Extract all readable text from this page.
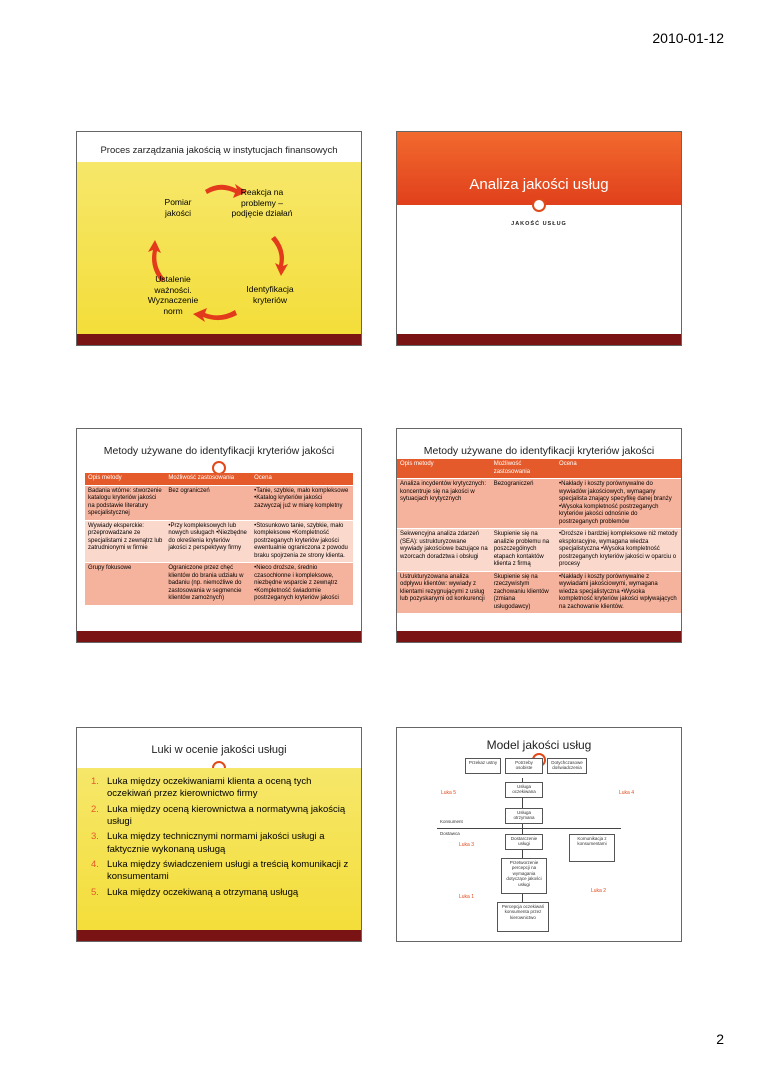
2010-01-12
Proces zarządzania jakością w instytucjach finansowych
Reakcja na problemy – podjęcie działań
Identyfikacja kryteriów
Ustalenie ważności. Wyznaczenie norm
Pomiar jakości
Analiza jakości usług
JAKOŚĆ USŁUG
Metody używane do identyfikacji kryteriów jakości
Opis metody	Możliwość zastosowania	Ocena
Badania wtórne: stworzenie katalogu kryteriów jakości na podstawie literatury specjalistycznej	Bez ograniczeń	•Tanie, szybkie, mało kompleksowe •Katalog kryteriów jakości zazwyczaj już w miarę kompletny
Wywiady eksperckie: przeprowadzane ze specjalistami z zewnątrz lub zatrudnionymi w firmie	•Przy kompleksowych lub nowych usługach •Niezbędne do określenia kryteriów jakości z perspektywy firmy	•Stosunkowo tanie, szybkie, mało kompleksowe •Kompletność postrzeganych kryteriów jakości ewentualnie ograniczona z powodu braku spojrzenia ze strony klienta.
Grupy fokusowe	Ograniczone przez chęć klientów do brania udziału w badaniu (np. niemożliwe do zastosowania w segmencie klientów zamożnych)	•Nieco droższe, średnio czasochłonne i kompleksowe, niezbędne wsparcie z zewnątrz •Kompletność świadomie postrzeganych kryteriów jakości
Metody używane do identyfikacji kryteriów jakości
Opis metody	Możliwość zastosowania	Ocena
Analiza incydentów krytycznych: koncentruje się na jakości w sytuacjach krytycznych	Bezograniczeń	•Nakłady i koszty porównywalne do wywiadów jakościowych, wymagany specjalista znający specyfikę danej branży •Wysoka kompletność postrzeganych kryteriów jakości odnośnie do postrzeganych problemów
Sekwencyjna analiza zdarzeń (SEA): ustrukturyzowane wywiady jakościowe bazujące na wzorcach doradztwa i obsługi	Skupienie się na analizie problemu na poszczególnych etapach kontaktów klienta z firmą	•Droższe i bardziej kompleksowe niż metody eksploracyjne, wymagana wiedza specjalistyczna •Wysoka kompletność postrzeganych kryteriów jakości w oparciu o procesy
Ustrukturyzowana analiza odpływu klientów: wywiady z klientami rezygnującymi z usług lub pozyskanymi od konkurencji	Skupienie się na rzeczywistym zachowaniu klientów (zmiana usługodawcy)	•Nakłady i koszty porównywalne z wywiadami jakościowymi, wymagana wiedza specjalistyczna •Wysoka kompletność kryteriów jakości wpływających na zachowanie klientów.
Luki w ocenie jakości usługi
1. Luka między oczekiwaniami klienta a oceną tych oczekiwań przez kierownictwo firmy
2. Luka między oceną kierownictwa a normatywną jakością usługi
3. Luka między technicznymi normami jakości usługi a faktycznie wykonaną usługą
4. Luka między świadczeniem usługi a treścią komunikacji z konsumentami
5. Luka między oczekiwaną a otrzymaną usługą
Model jakości usług
Przekaz ustny	Potrzeby osobiste
Dotychczasowe doświadczenia
Usługa oczekiwana
Usługa otrzymana
Dostarczenie usługi
Przetworzenie percepcji na wymagania dotyczące jakości usługi
Percepcja oczekiwań konsumenta przez kierownictwo
Komunikacja z konsumentami
Luka 5	Luka 4
Luka 3
Luka 2
Luka 1
Konsument
Dostawca
2
